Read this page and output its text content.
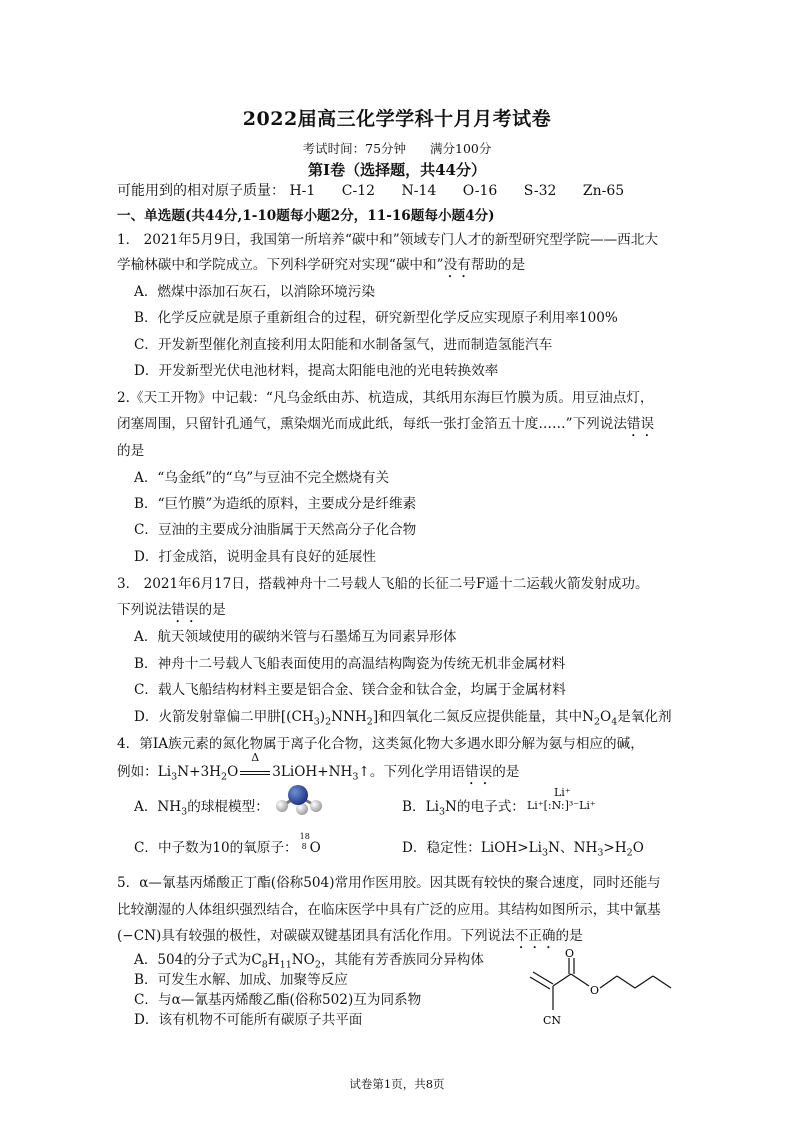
2022届高三化学学科十月月考试卷
考试时间：75分钟 满分100分
第Ⅰ卷（选择题，共44分）
可能用到的相对原子质量： H-1 C-12 N-14 O-16 S-32 Zn-65
一、单选题(共44分,1-10题每小题2分，11-16题每小题4分)
1． 2021年5月9日，我国第一所培养“碳中和”领域专门人才的新型研究型学院——西北大
学榆林碳中和学院成立。下列科学研究对实现“碳中和”没有帮助的是
A．燃煤中添加石灰石，以消除环境污染
B．化学反应就是原子重新组合的过程，研究新型化学反应实现原子利用率100%
C．开发新型催化剂直接利用太阳能和水制备氢气，进而制造氢能汽车
D．开发新型光伏电池材料，提高太阳能电池的光电转换效率
2.《天工开物》中记载：“凡乌金纸由苏、杭造成，其纸用东海巨竹膜为质。用豆油点灯，
闭塞周围，只留针孔通气，熏染烟光而成此纸，每纸一张打金箔五十度……”下列说法错误
的是
A．“乌金纸”的“乌”与豆油不完全燃烧有关
B．“巨竹膜”为造纸的原料，主要成分是纤维素
C．豆油的主要成分油脂属于天然高分子化合物
D．打金成箔，说明金具有良好的延展性
3． 2021年6月17日，搭载神舟十二号载人飞船的长征二号F遥十二运载火箭发射成功。
下列说法错误的是
A．航天领域使用的碳纳米管与石墨烯互为同素异形体
B．神舟十二号载人飞船表面使用的高温结构陶瓷为传统无机非金属材料
C．载人飞船结构材料主要是铝合金、镁合金和钛合金，均属于金属材料
D．火箭发射靠偏二甲肼$[(CH_3)_2NNH_2]$和四氧化二氮反应提供能量，其中$N_2O_4$是氧化剂
4．第ⅠA族元素的氮化物属于离子化合物，这类氮化物大多遇水即分解为氨与相应的碱，
例如：$Li_3N+3H_2O$
Δ
$3LiOH+NH_3↑$。下列化学用语错误的是
A．$NH_3$的球棍模型：	B．$Li_3N$的电子式：
Li⁺
Li⁺[:N:]³⁻Li⁺
C．中子数为10的氧原子：
18
8 O	D．稳定性：$LiOH>Li_3N$、$NH_3>H_2O$
5．α—氰基丙烯酸正丁酯(俗称504)常用作医用胶。因其既有较快的聚合速度，同时还能与
比较潮湿的人体组织强烈结合，在临床医学中具有广泛的应用。其结构如图所示，其中氰基
(−CN)具有较强的极性，对碳碳双键基团具有活化作用。下列说法不正确的是
A．504的分子式为$C_8H_{11}NO_2$，其能有芳香族同分异构体
B．可发生水解、加成、加聚等反应
C．与α—氰基丙烯酸乙酯(俗称502)互为同系物
D．该有机物不可能所有碳原子共平面
O
O
CN
试卷第1页，共8页
